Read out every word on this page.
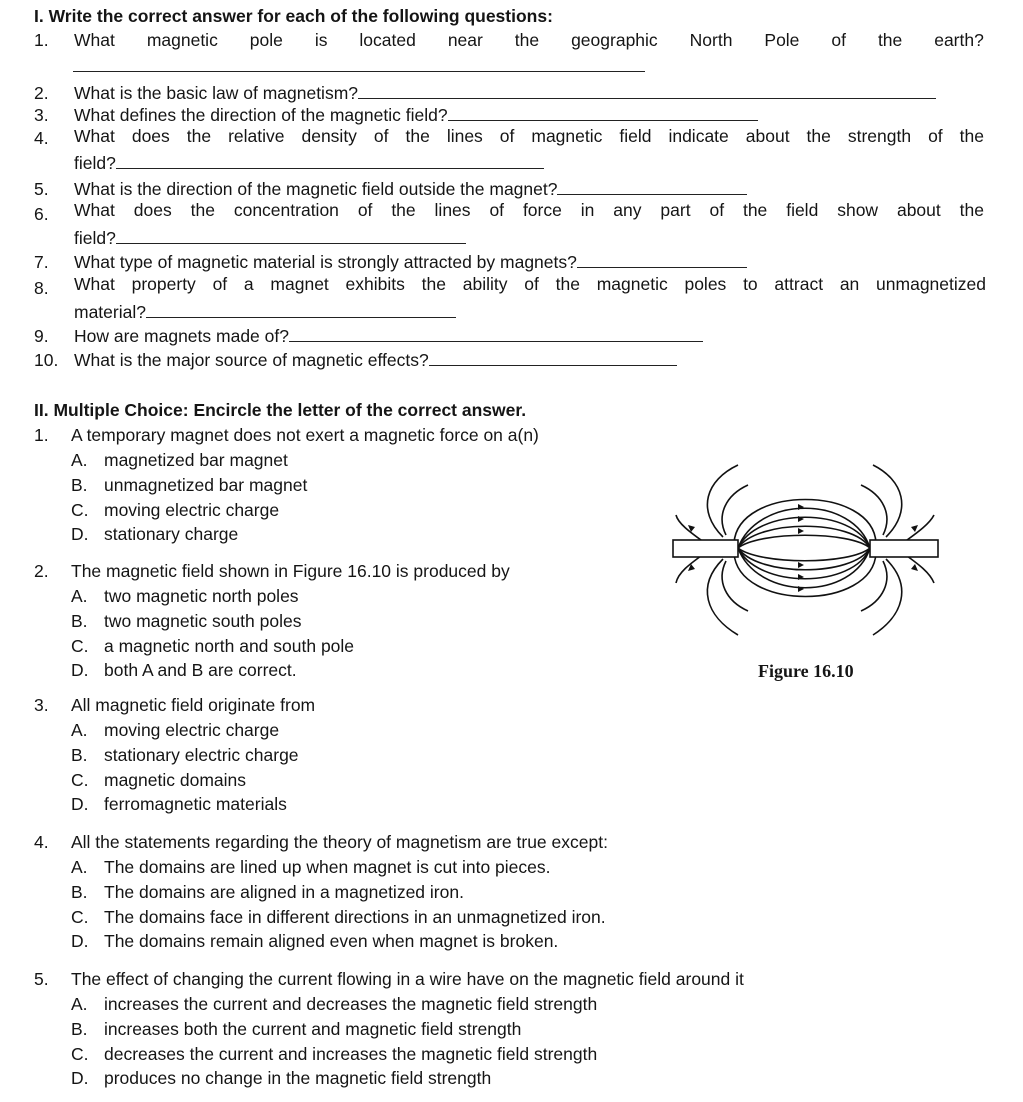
I. Write the correct answer for each of the following questions:
1. What magnetic pole is located near the geographic North Pole of the earth?
2. What is the basic law of magnetism?
3. What defines the direction of the magnetic field?
4. What does the relative density of the lines of magnetic field indicate about the strength of the
field?
5. What is the direction of the magnetic field outside the magnet?
6. What does the concentration of the lines of force in any part of the field show about the
field?
7. What type of magnetic material is strongly attracted by magnets?
8. What property of a magnet exhibits the ability of the magnetic poles to attract an unmagnetized
material?
9. How are magnets made of?
10. What is the major source of magnetic effects?
II. Multiple Choice: Encircle the letter of the correct answer.
1. A temporary magnet does not exert a magnetic force on a(n)
A. magnetized bar magnet
B. unmagnetized bar magnet
C. moving electric charge
D. stationary charge
2. The magnetic field shown in Figure 16.10 is produced by
A. two magnetic north poles
B. two magnetic south poles
C. a magnetic north and south pole
D. both A and B are correct.
3. All magnetic field originate from
A. moving electric charge
B. stationary electric charge
C. magnetic domains
D. ferromagnetic materials
4. All the statements regarding the theory of magnetism are true except:
A. The domains are lined up when magnet is cut into pieces.
B. The domains are aligned in a magnetized iron.
C. The domains face in different directions in an unmagnetized iron.
D. The domains remain aligned even when magnet is broken.
5. The effect of changing the current flowing in a wire have on the magnetic field around it
A. increases the current and decreases the magnetic field strength
B. increases both the current and magnetic field strength
C. decreases the current and increases the magnetic field strength
D. produces no change in the magnetic field strength
Figure 16.10
